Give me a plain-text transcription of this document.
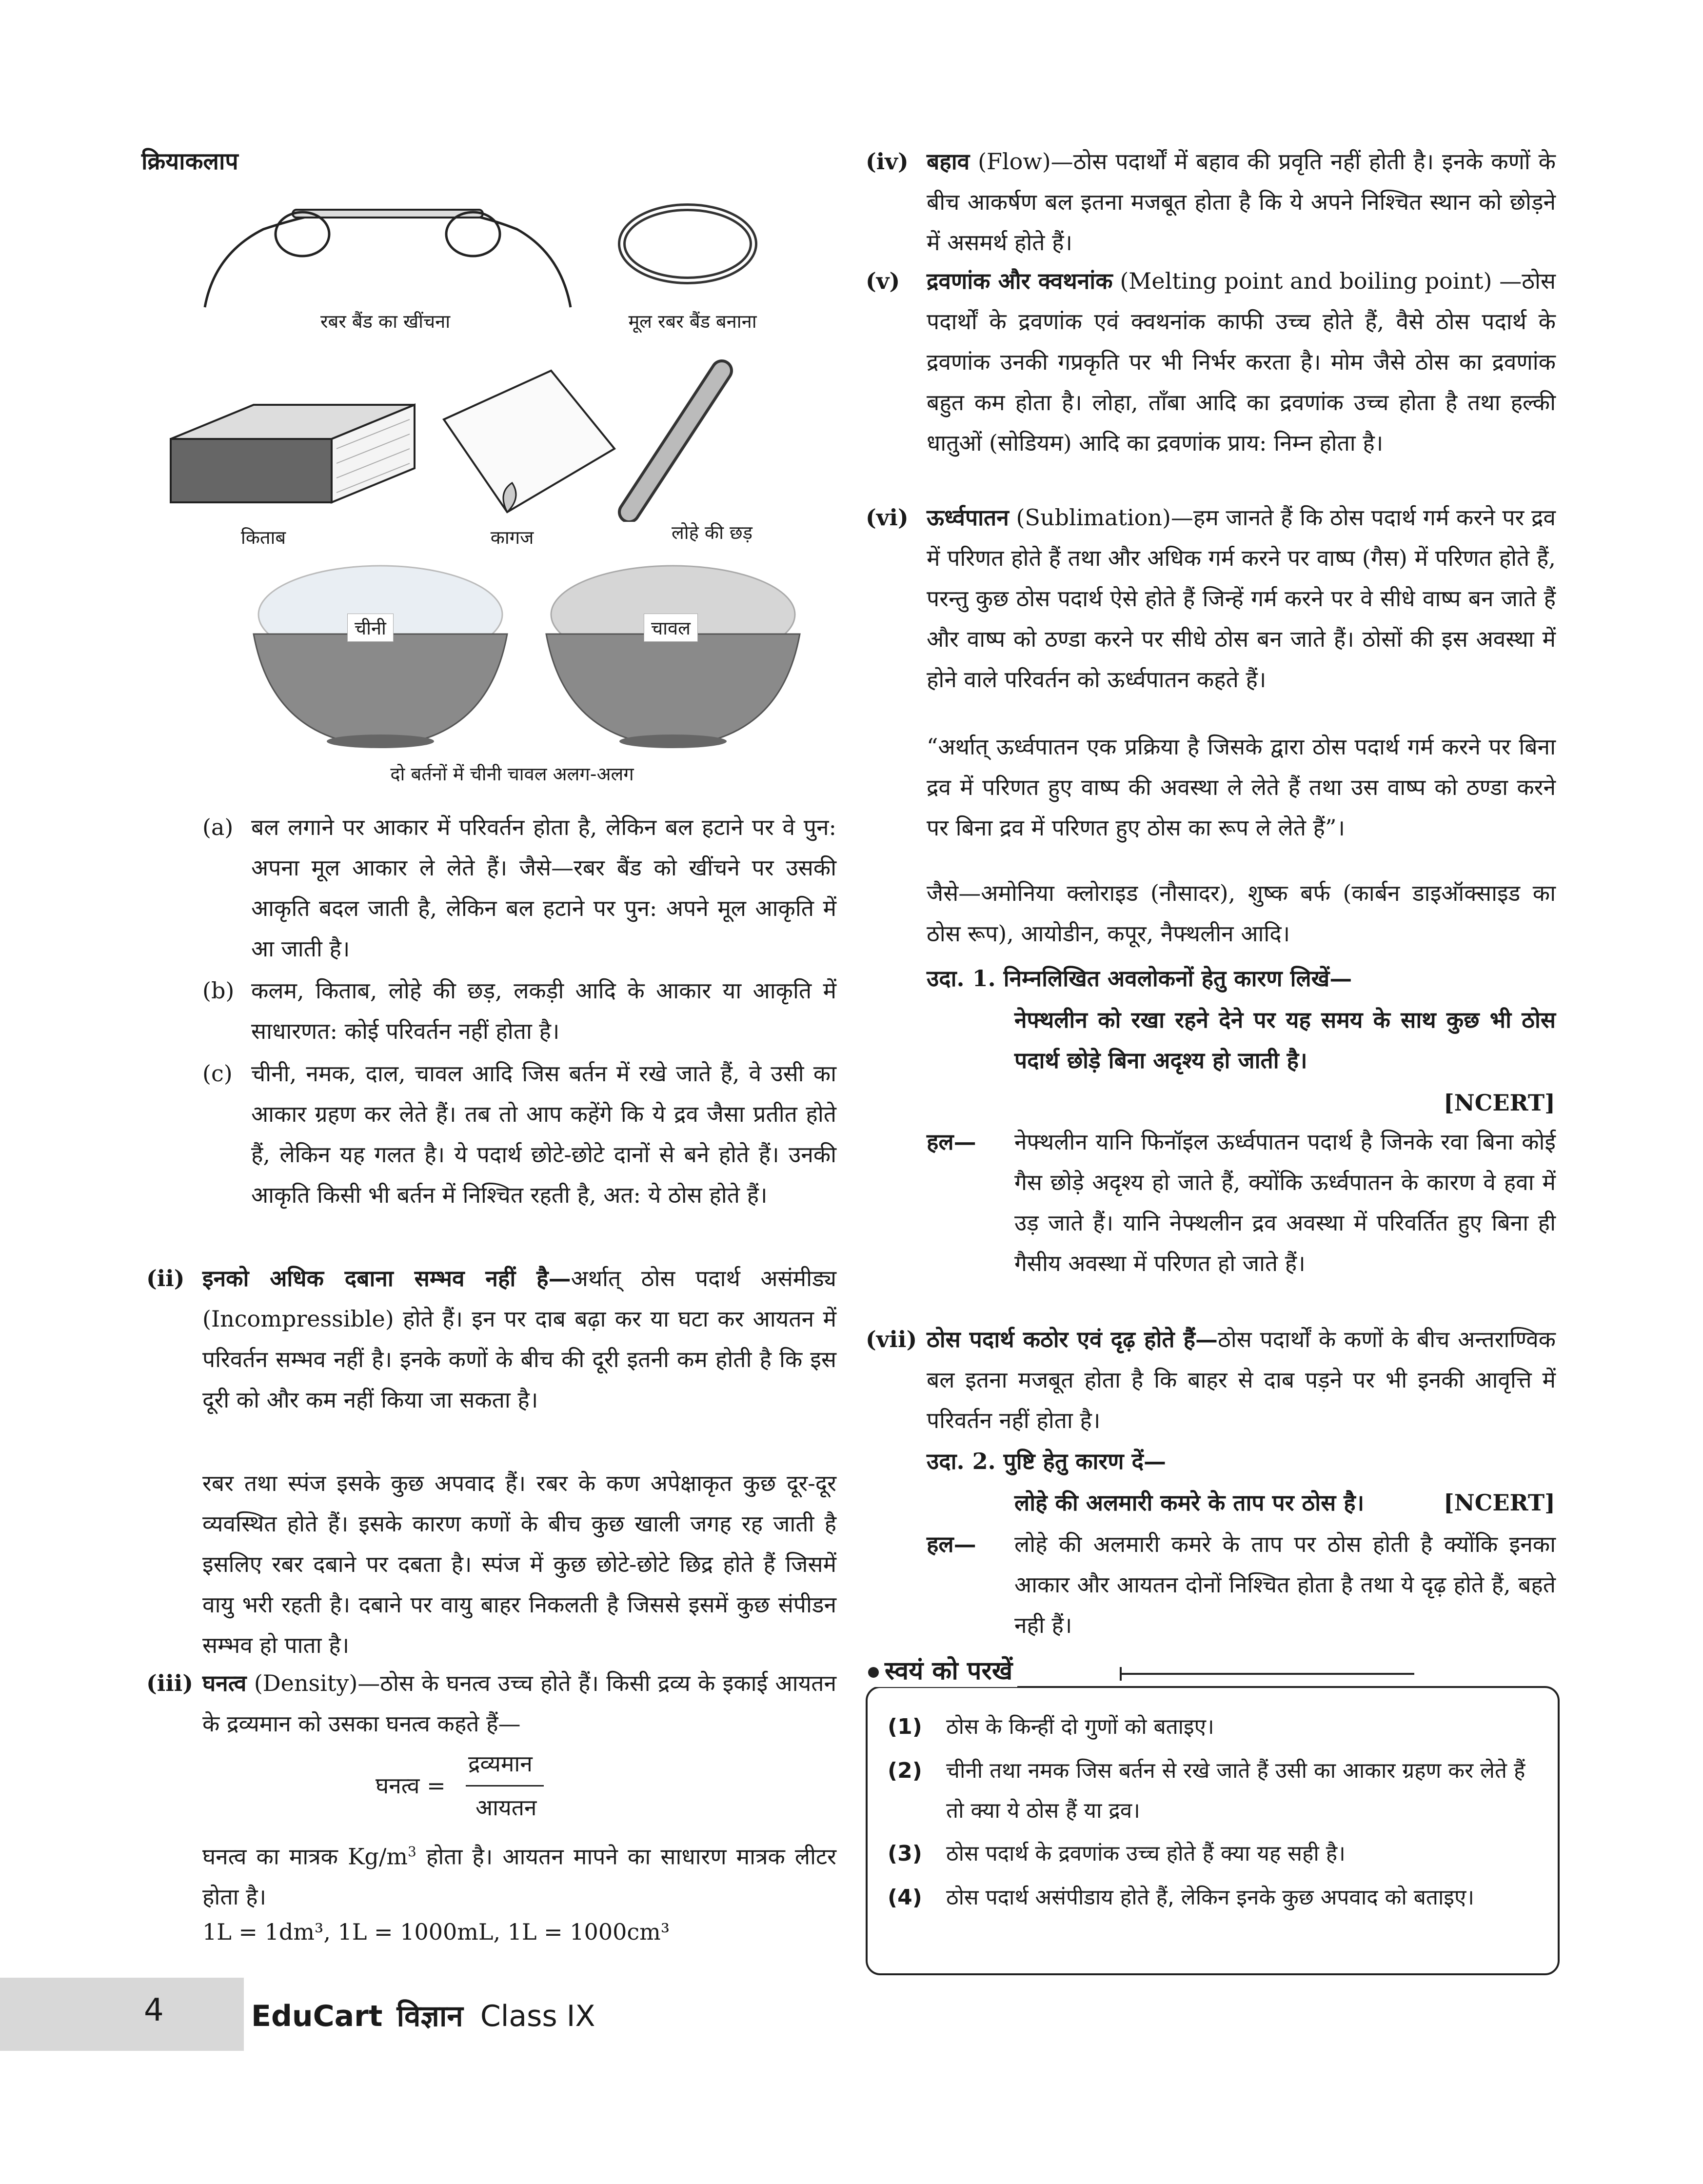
क्रियाकलाप
रबर बैंड का खींचना	मूल रबर बैंड बनाना
किताब	कागज	लोहे की छड़
चीनी	चावल
दो बर्तनों में चीनी चावल अलग-अलग
(a) बल लगाने पर आकार में परिवर्तन होता है, लेकिन बल हटाने पर वे पुन: अपना मूल आकार ले लेते हैं। जैसे—रबर बैंड को खींचने पर उसकी आकृति बदल जाती है, लेकिन बल हटाने पर पुन: अपने मूल आकृति में आ जाती है।
(b) कलम, किताब, लोहे की छड़, लकड़ी आदि के आकार या आकृति में साधारणत: कोई परिवर्तन नहीं होता है।
(c) चीनी, नमक, दाल, चावल आदि जिस बर्तन में रखे जाते हैं, वे उसी का आकार ग्रहण कर लेते हैं। तब तो आप कहेंगे कि ये द्रव जैसा प्रतीत होते हैं, लेकिन यह गलत है। ये पदार्थ छोटे-छोटे दानों से बने होते हैं। उनकी आकृति किसी भी बर्तन में निश्चित रहती है, अत: ये ठोस होते हैं।
(ii) इनको अधिक दबाना सम्भव नहीं है—अर्थात् ठोस पदार्थ असंमीड्य (Incompressible) होते हैं। इन पर दाब बढ़ा कर या घटा कर आयतन में परिवर्तन सम्भव नहीं है। इनके कणों के बीच की दूरी इतनी कम होती है कि इस दूरी को और कम नहीं किया जा सकता है।
रबर तथा स्पंज इसके कुछ अपवाद हैं। रबर के कण अपेक्षाकृत कुछ दूर-दूर व्यवस्थित होते हैं। इसके कारण कणों के बीच कुछ खाली जगह रह जाती है इसलिए रबर दबाने पर दबता है। स्पंज में कुछ छोटे-छोटे छिद्र होते हैं जिसमें वायु भरी रहती है। दबाने पर वायु बाहर निकलती है जिससे इसमें कुछ संपीडन सम्भव हो पाता है।
(iii) घनत्व (Density)—ठोस के घनत्व उच्च होते हैं। किसी द्रव्य के इकाई आयतन के द्रव्यमान को उसका घनत्व कहते हैं—
घनत्व =
द्रव्यमान
आयतन
घनत्व का मात्रक $Kg/m^3$ होता है। आयतन मापने का साधारण मात्रक लीटर होता है।
1L = 1dm³, 1L = 1000mL, 1L = 1000cm³
(iv) बहाव (Flow)—ठोस पदार्थों में बहाव की प्रवृति नहीं होती है। इनके कणों के बीच आकर्षण बल इतना मजबूत होता है कि ये अपने निश्चित स्थान को छोड़ने में असमर्थ होते हैं।
(v) द्रवणांक और क्वथनांक (Melting point and boiling point) —ठोस पदार्थों के द्रवणांक एवं क्वथनांक काफी उच्च होते हैं, वैसे ठोस पदार्थ के द्रवणांक उनकी गप्रकृति पर भी निर्भर करता है। मोम जैसे ठोस का द्रवणांक बहुत कम होता है। लोहा, ताँबा आदि का द्रवणांक उच्च होता है तथा हल्की धातुओं (सोडियम) आदि का द्रवणांक प्राय: निम्न होता है।
(vi) ऊर्ध्वपातन (Sublimation)—हम जानते हैं कि ठोस पदार्थ गर्म करने पर द्रव में परिणत होते हैं तथा और अधिक गर्म करने पर वाष्प (गैस) में परिणत होते हैं, परन्तु कुछ ठोस पदार्थ ऐसे होते हैं जिन्हें गर्म करने पर वे सीधे वाष्प बन जाते हैं और वाष्प को ठण्डा करने पर सीधे ठोस बन जाते हैं। ठोसों की इस अवस्था में होने वाले परिवर्तन को ऊर्ध्वपातन कहते हैं।
“अर्थात् ऊर्ध्वपातन एक प्रक्रिया है जिसके द्वारा ठोस पदार्थ गर्म करने पर बिना द्रव में परिणत हुए वाष्प की अवस्था ले लेते हैं तथा उस वाष्प को ठण्डा करने पर बिना द्रव में परिणत हुए ठोस का रूप ले लेते हैं”।
जैसे—अमोनिया क्लोराइड (नौसादर), शुष्क बर्फ (कार्बन डाइऑक्साइड का ठोस रूप), आयोडीन, कपूर, नैफ्थलीन आदि।
उदा. 1. निम्नलिखित अवलोकनों हेतु कारण लिखें—
नेफ्थलीन को रखा रहने देने पर यह समय के साथ कुछ भी ठोस पदार्थ छोड़े बिना अदृश्य हो जाती है।
[NCERT]
हल— नेफ्थलीन यानि फिनॉइल ऊर्ध्वपातन पदार्थ है जिनके रवा बिना कोई गैस छोड़े अदृश्य हो जाते हैं, क्योंकि ऊर्ध्वपातन के कारण वे हवा में उड़ जाते हैं। यानि नेफ्थलीन द्रव अवस्था में परिवर्तित हुए बिना ही गैसीय अवस्था में परिणत हो जाते हैं।
(vii) ठोस पदार्थ कठोर एवं दृढ़ होते हैं—ठोस पदार्थों के कणों के बीच अन्तराण्विक बल इतना मजबूत होता है कि बाहर से दाब पड़ने पर भी इनकी आवृत्ति में परिवर्तन नहीं होता है।
उदा. 2. पुष्टि हेतु कारण दें—
लोहे की अलमारी कमरे के ताप पर ठोस है।	[NCERT]
हल— लोहे की अलमारी कमरे के ताप पर ठोस होती है क्योंकि इनका आकार और आयतन दोनों निश्चित होता है तथा ये दृढ़ होते हैं, बहते नही हैं।
स्वयं को परखें
(1) ठोस के किन्हीं दो गुणों को बताइए।
(2) चीनी तथा नमक जिस बर्तन से रखे जाते हैं उसी का आकार ग्रहण कर लेते हैं तो क्या ये ठोस हैं या द्रव।
(3) ठोस पदार्थ के द्रवणांक उच्च होते हैं क्या यह सही है।
(4) ठोस पदार्थ असंपीडाय होते हैं, लेकिन इनके कुछ अपवाद को बताइए।
4	EduCart विज्ञान Class IX
